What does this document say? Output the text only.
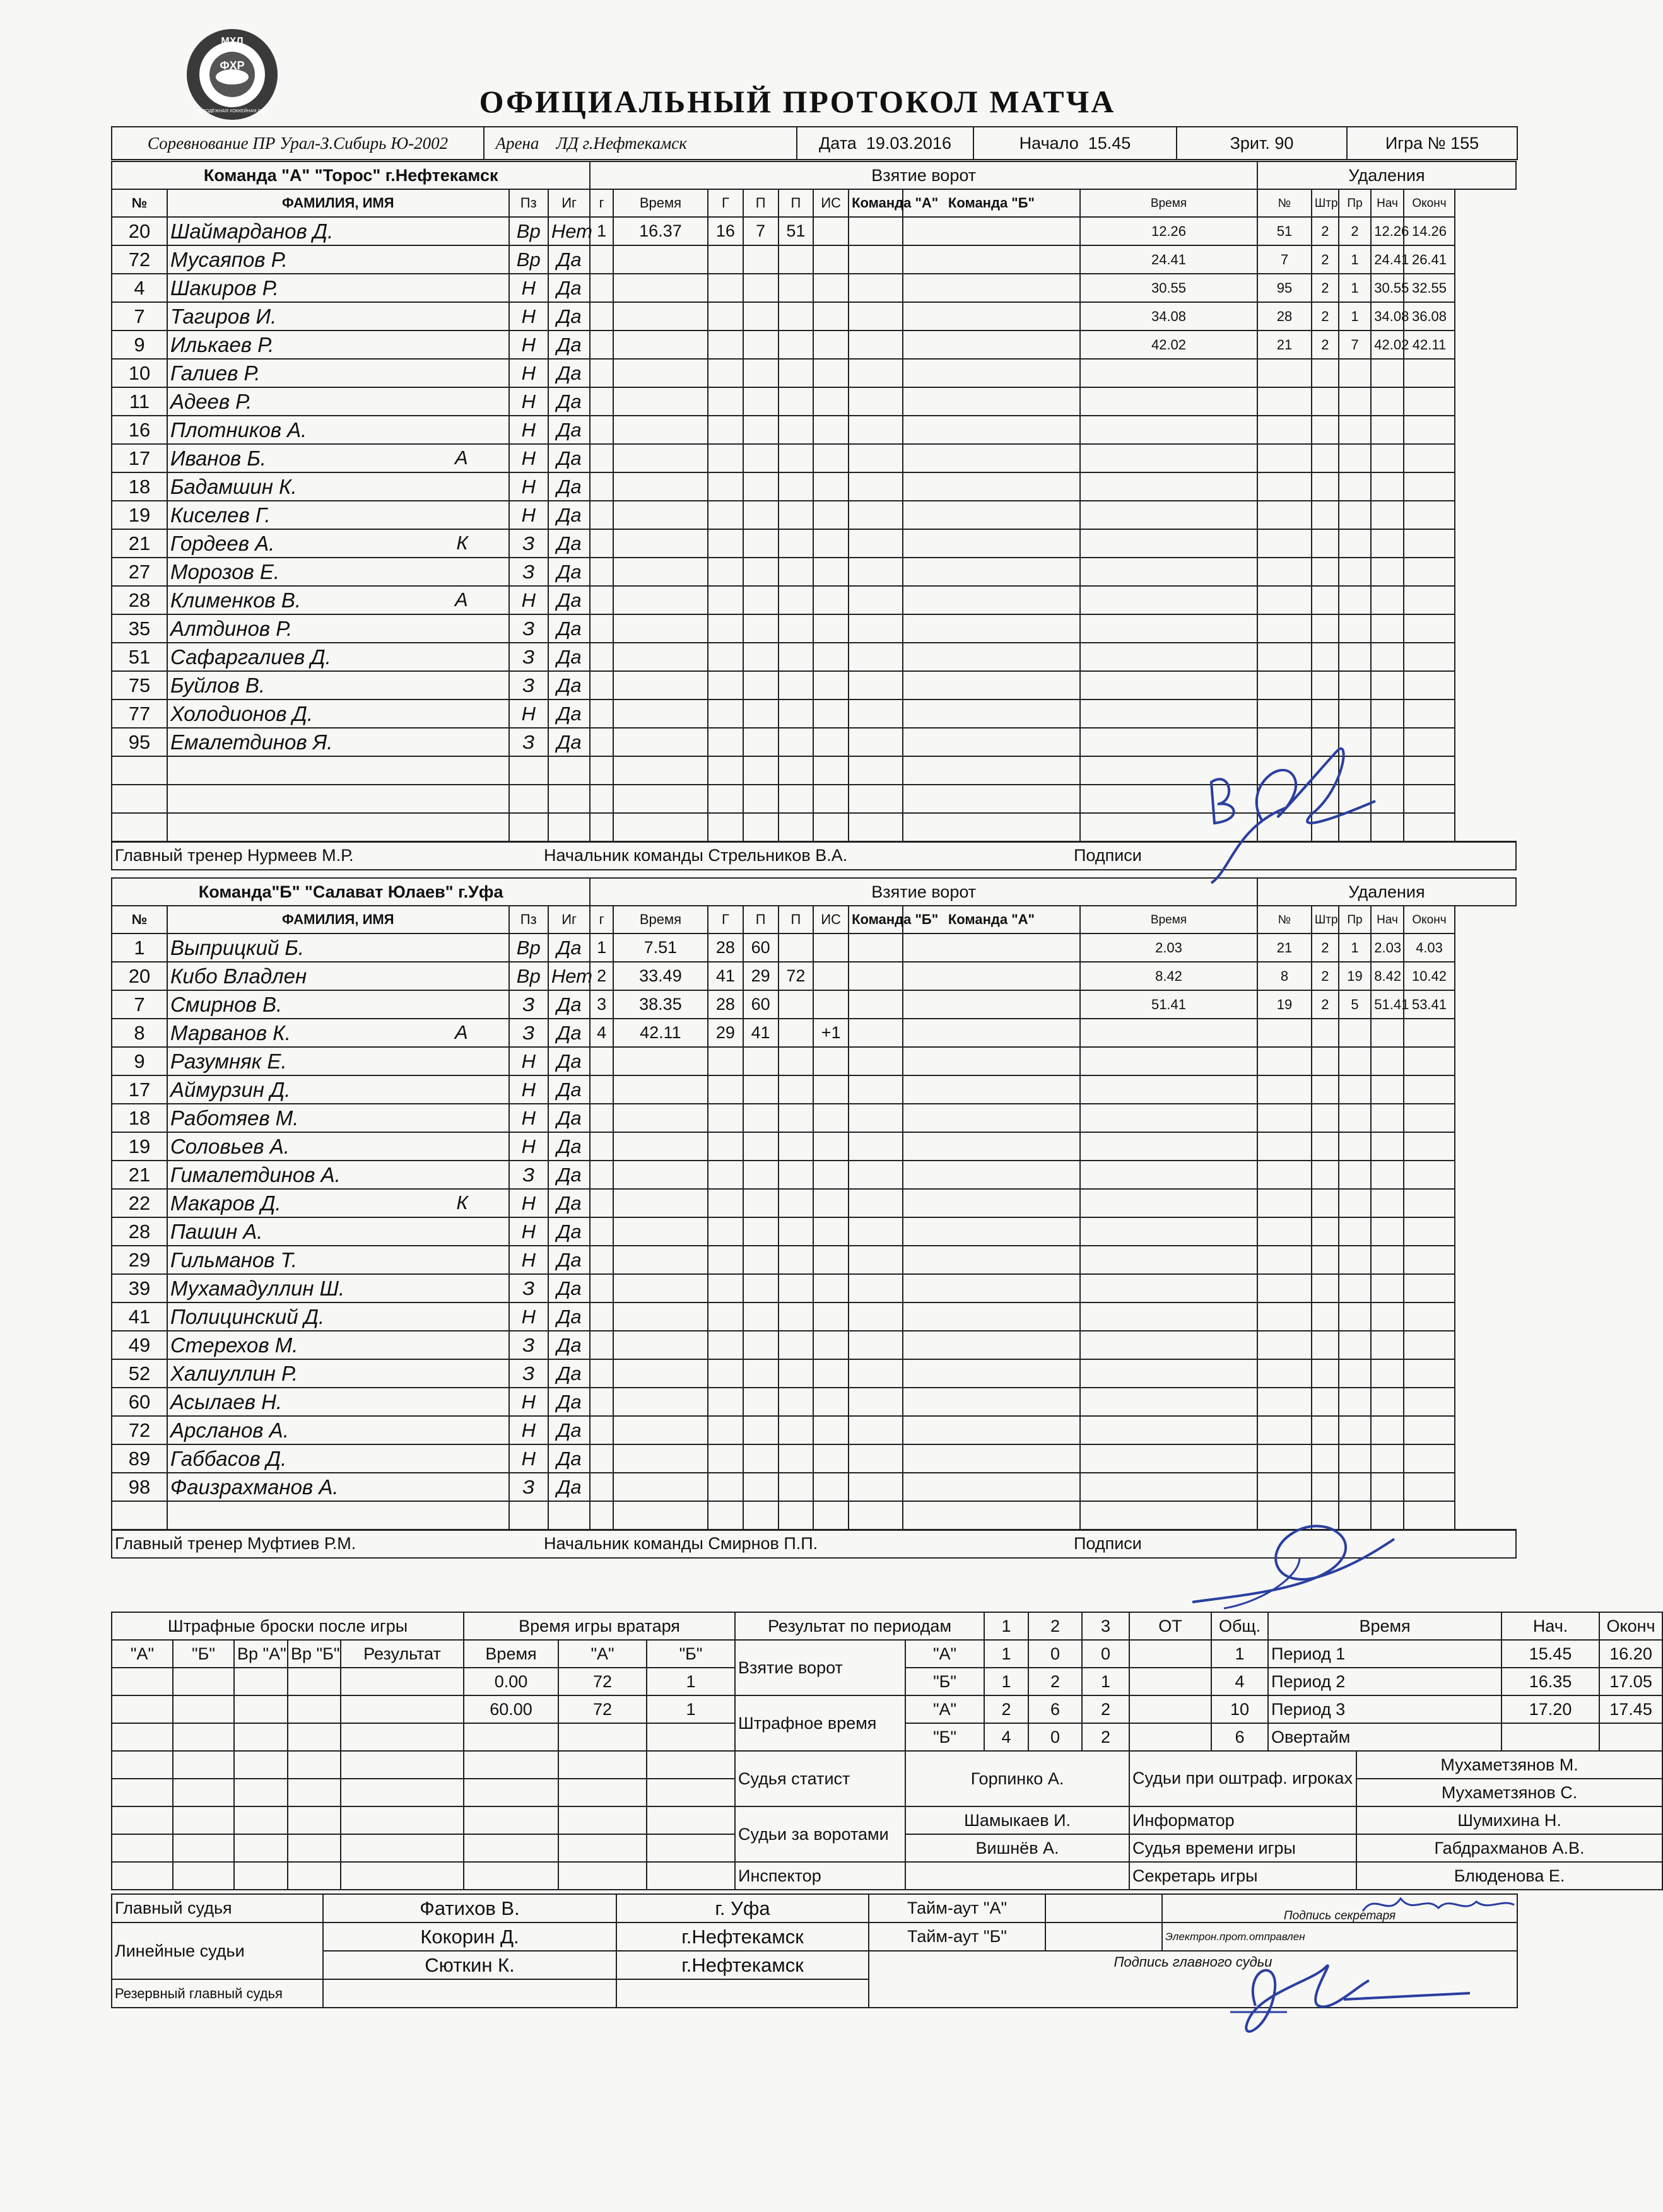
МХЛ
ФХР
МОЛОДЁЖНАЯ ХОККЕЙНАЯ ЛИГА	ОФИЦИАЛЬНЫЙ ПРОТОКОЛ МАТЧА
Соревнование ПР Урал-З.Сибирь Ю-2002	Арена ЛД г.Нефтекамск	Дата 19.03.2016	Начало 15.45	Зрит. 90	Игра № 155
Команда "А" "Торос" г.Нефтекамск				Взятие ворот									Удаления				
№	ФАМИЛИЯ, ИМЯ	Пз	Иг	г	Время	Г	П	П	ИС	Команда "А"	Команда "Б"	Время	№	Штр	Пр	Нач	Оконч
20	Шаймарданов Д.	Вр	Нет	1	16.37	16	7	51				12.26	51	2	2	12.26	14.26
72	Мусаяпов Р.	Вр	Да									24.41	7	2	1	24.41	26.41
4	Шакиров Р.	Н	Да									30.55	95	2	1	30.55	32.55
7	Тагиров И.	Н	Да									34.08	28	2	1	34.08	36.08
9	Илькаев Р.	Н	Да									42.02	21	2	7	42.02	42.11
10	Галиев Р.	Н	Да														
11	Адеев Р.	Н	Да														
16	Плотников А.	Н	Да														
17	Иванов Б. А	Н	Да														
18	Бадамшин К.	Н	Да														
19	Киселев Г.	Н	Да														
21	Гордеев А. К	З	Да														
27	Морозов Е.	З	Да														
28	Клименков В. А	Н	Да														
35	Алтдинов Р.	З	Да														
51	Сафаргалиев Д.	З	Да														
75	Буйлов В.	З	Да														
77	Холодионов Д.	Н	Да														
95	Емалетдинов Я.	З	Да														

Главный тренер Нурмеев М.Р. Начальник команды Стрельников В.А. Подписи																	
Команда"Б" "Салават Юлаев" г.Уфа				Взятие ворот									Удаления				
№	ФАМИЛИЯ, ИМЯ	Пз	Иг	г	Время	Г	П	П	ИС	Команда "Б"	Команда "А"	Время	№	Штр	Пр	Нач	Оконч
1	Выприцкий Б.	Вр	Да	1	7.51	28	60					2.03	21	2	1	2.03	4.03
20	Кибо Владлен	Вр	Нет	2	33.49	41	29	72				8.42	8	2	19	8.42	10.42
7	Смирнов В.	З	Да	3	38.35	28	60					51.41	19	2	5	51.41	53.41
8	Марванов К. А	З	Да	4	42.11	29	41		+1								
9	Разумняк Е.	Н	Да														
17	Аймурзин Д.	Н	Да														
18	Работяев М.	Н	Да														
19	Соловьев А.	Н	Да														
21	Гималетдинов А.	З	Да														
22	Макаров Д. К	Н	Да														
28	Пашин А.	Н	Да														
29	Гильманов Т.	Н	Да														
39	Мухамадуллин Ш.	З	Да														
41	Полицинский Д.	Н	Да														
49	Стерехов М.	З	Да														
52	Халиуллин Р.	З	Да														
60	Асылаев Н.	Н	Да														
72	Арсланов А.	Н	Да														
89	Габбасов Д.	Н	Да														
98	Фаизрахманов А.	З	Да														

Главный тренер Муфтиев Р.М. Начальник команды Смирнов П.П. Подписи																	
Штрафные броски после игры					Время игры вратаря			Результат по периодам		1	2	3	ОТ	Общ.	Время		Нач.	Оконч
"А"	"Б"	Вр "А"	Вр "Б"	Результат	Время	"А"	"Б"	Взятие ворот	"А"	1	0	0		1	Период 1		15.45	16.20
					0.00	72	1		"Б"	1	2	1		4	Период 2		16.35	17.05
					60.00	72	1	Штрафное время	"А"	2	6	2		10	Период 3		17.20	17.45
									"Б"	4	0	2		6	Овертайм			
								Судья статист	Горпинко А.				Судьи при оштраф. игроках			Мухаметзянов М.		
																Мухаметзянов С.		
								Судьи за воротами	Шамыкаев И.				Информатор			Шумихина Н.		
									Вишнёв А.				Судья времени игры			Габдрахманов А.В.		
								Инспектор					Секретарь игры			Блюденова Е.		
Главный судья	Фатихов В.	г. Уфа	Тайм-аут "А"		Подпись секретаря
Линейные судьи	Кокорин Д.	г.Нефтекамск	Тайм-аут "Б"		Электрон.прот.отправлен
	Сюткин К.	г.Нефтекамск	Подпись главного судьи		
Резервный главный судья					
